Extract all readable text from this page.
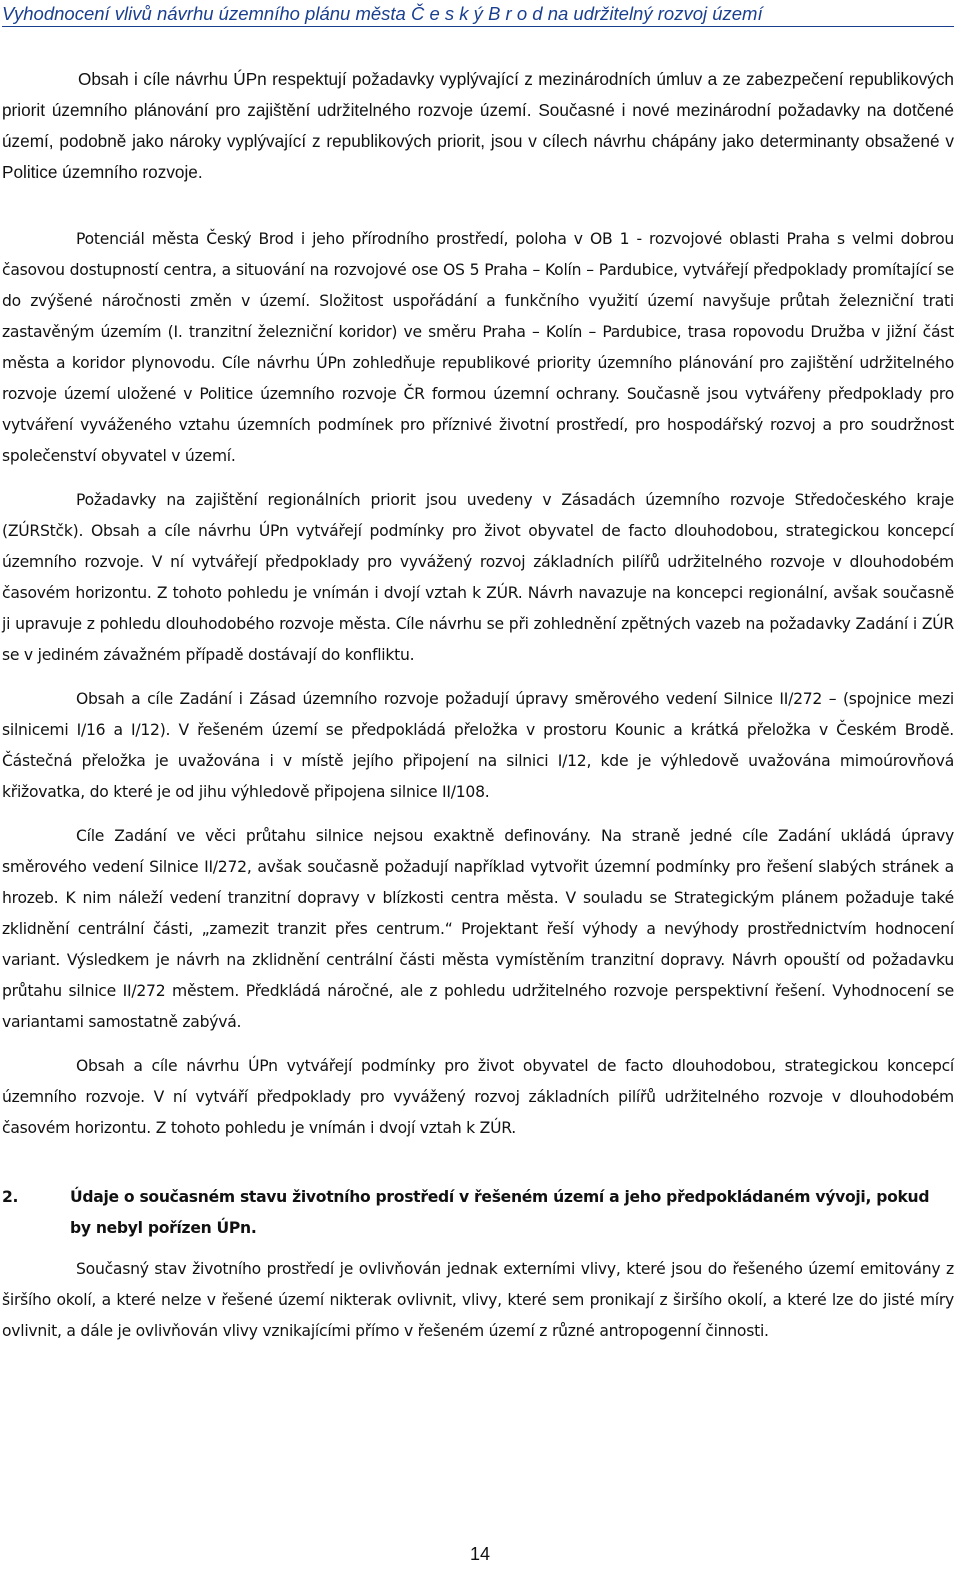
Vyhodnocení vlivů návrhu územního plánu města Č e s k ý B r o d na udržitelný rozvoj území

Obsah i cíle návrhu ÚPn respektují požadavky vyplývající z mezinárodních úmluv a ze zabezpečení republikových priorit územního plánování pro zajištění udržitelného rozvoje území. Současné i nové mezinárodní požadavky na dotčené území, podobně jako nároky vyplývající z republikových priorit, jsou v cílech návrhu chápány jako determinanty obsažené v Politice územního rozvoje.

Potenciál města Český Brod i jeho přírodního prostředí, poloha v OB 1 - rozvojové oblasti Praha s velmi dobrou časovou dostupností centra, a situování na rozvojové ose OS 5 Praha – Kolín – Pardubice, vytvářejí předpoklady promítající se do zvýšené náročnosti změn v území. Složitost uspořádání a funkčního využití území navyšuje průtah železniční trati zastavěným územím (I. tranzitní železniční koridor) ve směru Praha – Kolín – Pardubice, trasa ropovodu Družba v jižní část města a koridor plynovodu. Cíle návrhu ÚPn zohledňuje republikové priority územního plánování pro zajištění udržitelného rozvoje území uložené v Politice územního rozvoje ČR formou územní ochrany. Současně jsou vytvářeny předpoklady pro vytváření vyváženého vztahu územních podmínek pro příznivé životní prostředí, pro hospodářský rozvoj a pro soudržnost společenství obyvatel v území.

Požadavky na zajištění regionálních priorit jsou uvedeny v Zásadách územního rozvoje Středočeského kraje (ZÚRStčk). Obsah a cíle návrhu ÚPn vytvářejí podmínky pro život obyvatel de facto dlouhodobou, strategickou koncepcí územního rozvoje. V ní vytvářejí předpoklady pro vyvážený rozvoj základních pilířů udržitelného rozvoje v dlouhodobém časovém horizontu. Z tohoto pohledu je vnímán i dvojí vztah k ZÚR. Návrh navazuje na koncepci regionální, avšak současně ji upravuje z pohledu dlouhodobého rozvoje města. Cíle návrhu se při zohlednění zpětných vazeb na požadavky Zadání i ZÚR se v jediném závažném případě dostávají do konfliktu.

Obsah a cíle Zadání i Zásad územního rozvoje požadují úpravy směrového vedení Silnice II/272 – (spojnice mezi silnicemi I/16 a I/12). V řešeném území se předpokládá přeložka v prostoru Kounic a krátká přeložka v Českém Brodě. Částečná přeložka je uvažována i v místě jejího připojení na silnici I/12, kde je výhledově uvažována mimoúrovňová křižovatka, do které je od jihu výhledově připojena silnice II/108.

Cíle Zadání ve věci průtahu silnice nejsou exaktně definovány. Na straně jedné cíle Zadání ukládá úpravy směrového vedení Silnice II/272, avšak současně požadují například vytvořit územní podmínky pro řešení slabých stránek a hrozeb. K nim náleží vedení tranzitní dopravy v blízkosti centra města. V souladu se Strategickým plánem požaduje také zklidnění centrální části, „zamezit tranzit přes centrum.“ Projektant řeší výhody a nevýhody prostřednictvím hodnocení variant. Výsledkem je návrh na zklidnění centrální části města vymístěním tranzitní dopravy. Návrh opouští od požadavku průtahu silnice II/272 městem. Předkládá náročné, ale z pohledu udržitelného rozvoje perspektivní řešení. Vyhodnocení se variantami samostatně zabývá.

Obsah a cíle návrhu ÚPn vytvářejí podmínky pro život obyvatel de facto dlouhodobou, strategickou koncepcí územního rozvoje. V ní vytváří předpoklady pro vyvážený rozvoj základních pilířů udržitelného rozvoje v dlouhodobém časovém horizontu. Z tohoto pohledu je vnímán i dvojí vztah k ZÚR.

2.	Údaje o současném stavu životního prostředí v řešeném území a jeho předpokládaném vývoji, pokud by nebyl pořízen ÚPn.

Současný stav životního prostředí je ovlivňován jednak externími vlivy, které jsou do řešeného území emitovány z širšího okolí, a které nelze v řešené území nikterak ovlivnit, vlivy, které sem pronikají z širšího okolí, a které lze do jisté míry ovlivnit, a dále je ovlivňován vlivy vznikajícími přímo v řešeném území z různé antropogenní činnosti.

14
